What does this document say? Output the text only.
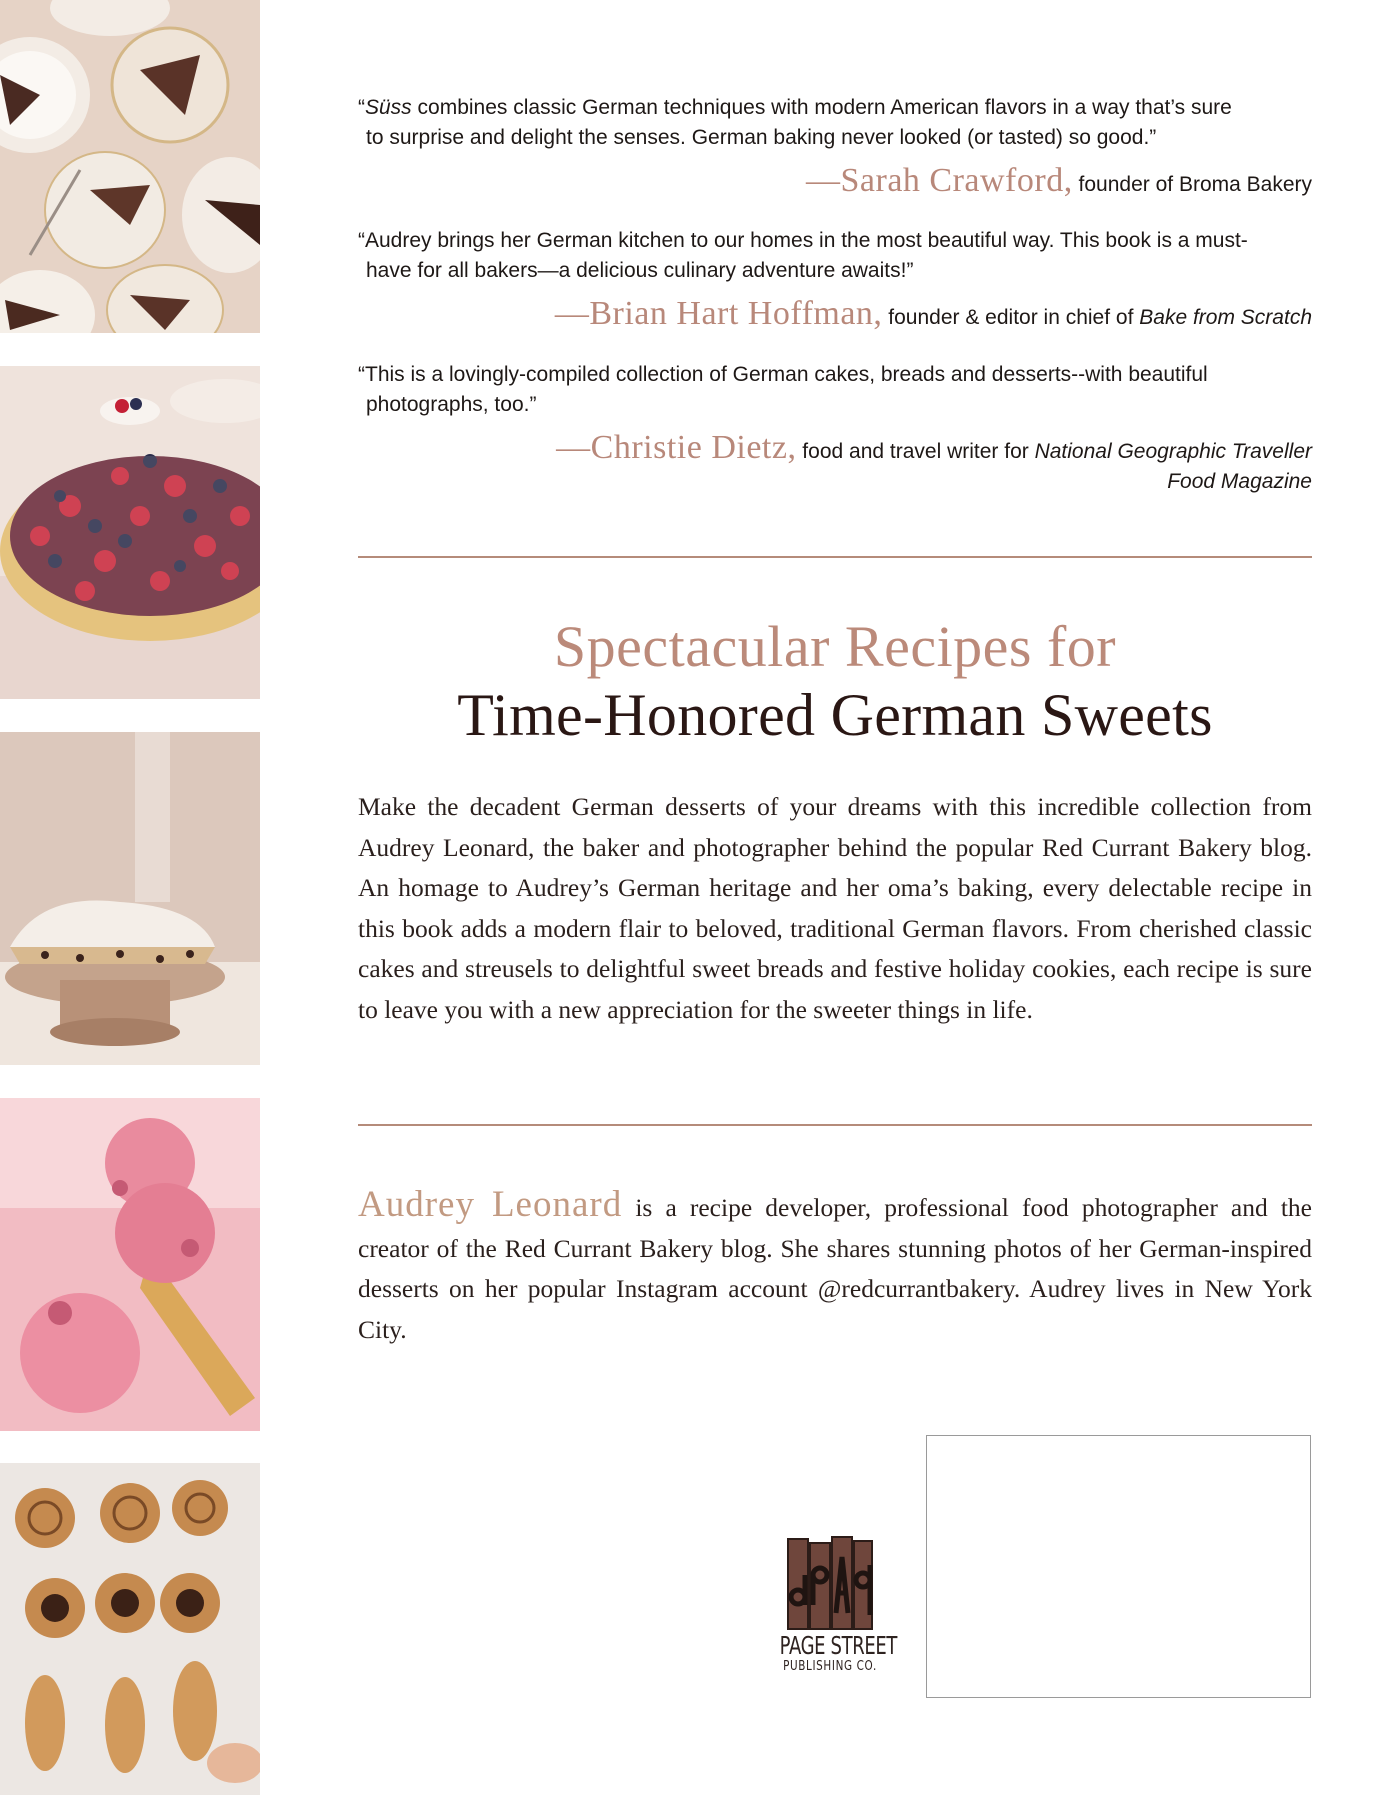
“Süss combines classic German techniques with modern American flavors in a way that’s sure
to surprise and delight the senses. German baking never looked (or tasted) so good.”
—Sarah Crawford, founder of Broma Bakery
“Audrey brings her German kitchen to our homes in the most beautiful way. This book is a must-
have for all bakers—a delicious culinary adventure awaits!”
—Brian Hart Hoffman, founder & editor in chief of Bake from Scratch
“This is a lovingly-compiled collection of German cakes, breads and desserts--with beautiful
photographs, too.”
—Christie Dietz, food and travel writer for National Geographic Traveller
Food Magazine
Spectacular Recipes for
Time-Honored German Sweets
Make the decadent German desserts of your dreams with this incredible collection from Audrey Leonard, the baker and photographer behind the popular Red Currant Bakery blog. An homage to Audrey’s German heritage and her oma’s baking, every delectable recipe in this book adds a modern flair to beloved, traditional German flavors. From cherished classic cakes and streusels to delightful sweet breads and festive holiday cookies, each recipe is sure to leave you with a new appreciation for the sweeter things in life.
Audrey Leonard is a recipe developer, professional food photographer and the creator of the Red Currant Bakery blog. She shares stunning photos of her German-inspired desserts on her popular Instagram account @redcurrantbakery. Audrey lives in New York City.
PAGE STREET
PUBLISHING CO.
